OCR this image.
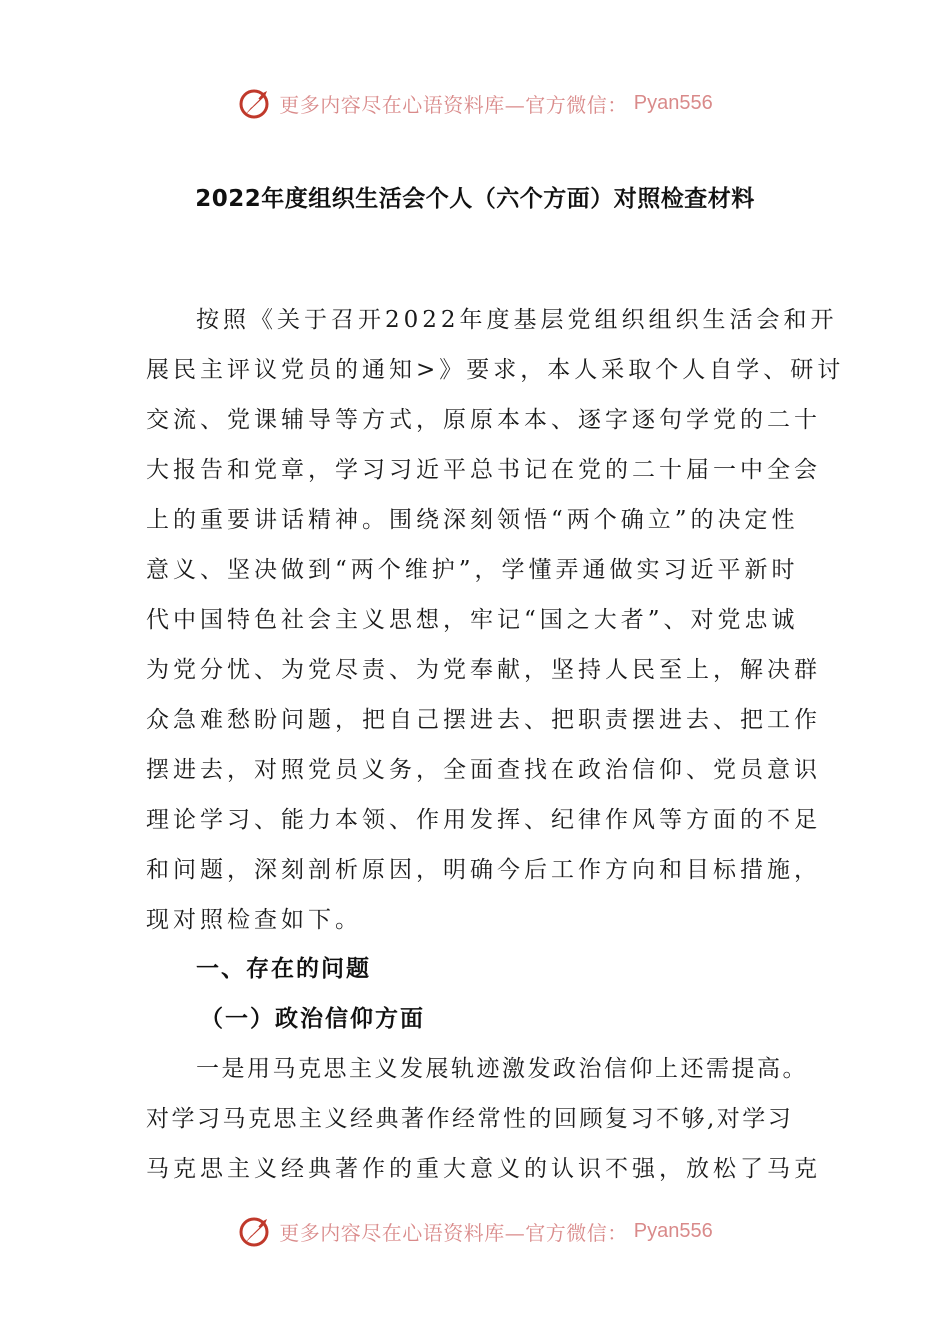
更多内容尽在心语资料库—官方微信： Pyan556
2022年度组织生活会个人（六个方面）对照检查材料
按照《关于召开2022年度基层党组织组织生活会和开
展民主评议党员的通知>》要求，本人采取个人自学、研讨
交流、党课辅导等方式，原原本本、逐字逐句学党的二十
大报告和党章，学习习近平总书记在党的二十届一中全会
上的重要讲话精神。围绕深刻领悟“两个确立”的决定性
意义、坚决做到“两个维护”，学懂弄通做实习近平新时
代中国特色社会主义思想，牢记“国之大者”、对党忠诚
为党分忧、为党尽责、为党奉献，坚持人民至上，解决群
众急难愁盼问题，把自己摆进去、把职责摆进去、把工作
摆进去，对照党员义务，全面查找在政治信仰、党员意识
理论学习、能力本领、作用发挥、纪律作风等方面的不足
和问题，深刻剖析原因，明确今后工作方向和目标措施，
现对照检查如下。
一、存在的问题
（一）政治信仰方面
一是用马克思主义发展轨迹激发政治信仰上还需提高。
对学习马克思主义经典著作经常性的回顾复习不够,对学习
马克思主义经典著作的重大意义的认识不强，放松了马克
更多内容尽在心语资料库—官方微信： Pyan556
